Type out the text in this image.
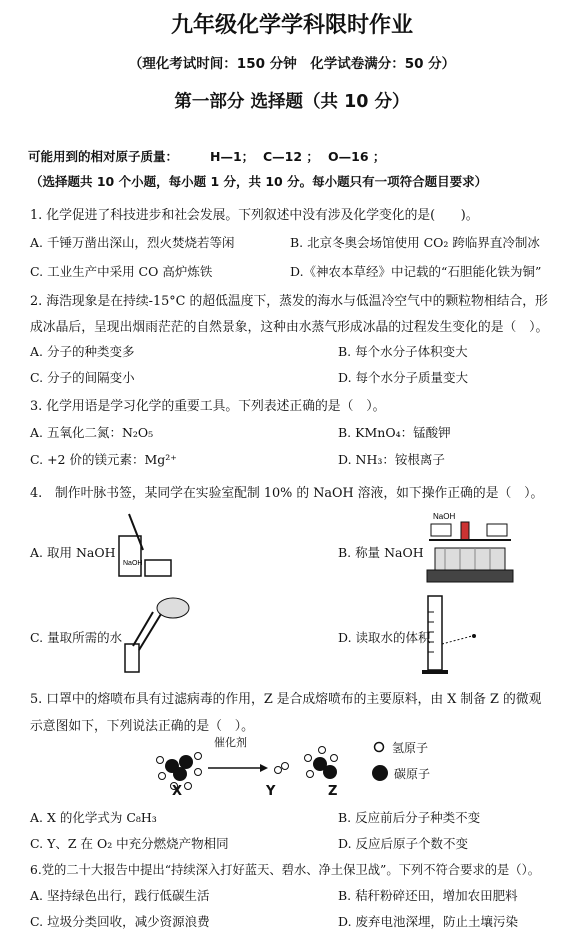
九年级化学学科限时作业
（理化考试时间：150 分钟　化学试卷满分：50 分）
第一部分 选择题（共 10 分）
可能用到的相对原子质量：	H—1； C—12 ； O—16 ；
（选择题共 10 个小题，每小题 1 分，共 10 分。每小题只有一项符合题目要求）
1. 化学促进了科技进步和社会发展。下列叙述中没有涉及化学变化的是(　　)。
A. 千锤万凿出深山，烈火焚烧若等闲	B. 北京冬奥会场馆使用 CO₂ 跨临界直冷制冰
C. 工业生产中采用 CO 高炉炼铁	D.《神农本草经》中记载的“石胆能化铁为铜”
2. 海浩现象是在持续-15°C 的超低温度下，蒸发的海水与低温冷空气中的颗粒物相结合，形
成冰晶后，呈现出烟雨茫茫的自然景象，这种由水蒸气形成冰晶的过程发生变化的是（　）。
A. 分子的种类变多	B. 每个水分子体积变大
C. 分子的间隔变小	D. 每个水分子质量变大
3. 化学用语是学习化学的重要工具。下列表述正确的是（　）。
A. 五氧化二氮：N₂O₅	B. KMnO₄：锰酸钾
C. +2 价的镁元素：Mg²⁺	D. NH₃：铵根离子
4.　制作叶脉书签，某同学在实验室配制 10% 的 NaOH 溶液，如下操作正确的是（　）。
A. 取用 NaOH
NaOH
B. 称量 NaOH
NaOH
C. 量取所需的水	D. 读取水的体积
5. 口罩中的熔喷布具有过滤病毒的作用，Z 是合成熔喷布的主要原料，由 X 制备 Z 的微观
示意图如下，下列说法正确的是（　）。
催化剂
X	Y	Z
氢原子
碳原子
A. X 的化学式为 C₈H₃	B. 反应前后分子种类不变
C. Y、Z 在 O₂ 中充分燃烧产物相同	D. 反应后原子个数不变
6.党的二十大报告中提出“持续深入打好蓝天、碧水、净土保卫战”。下列不符合要求的是（）。
A. 坚持绿色出行，践行低碳生活	B. 秸秆粉碎还田，增加农田肥料
C. 垃圾分类回收，减少资源浪费	D. 废弃电池深埋，防止土壤污染
